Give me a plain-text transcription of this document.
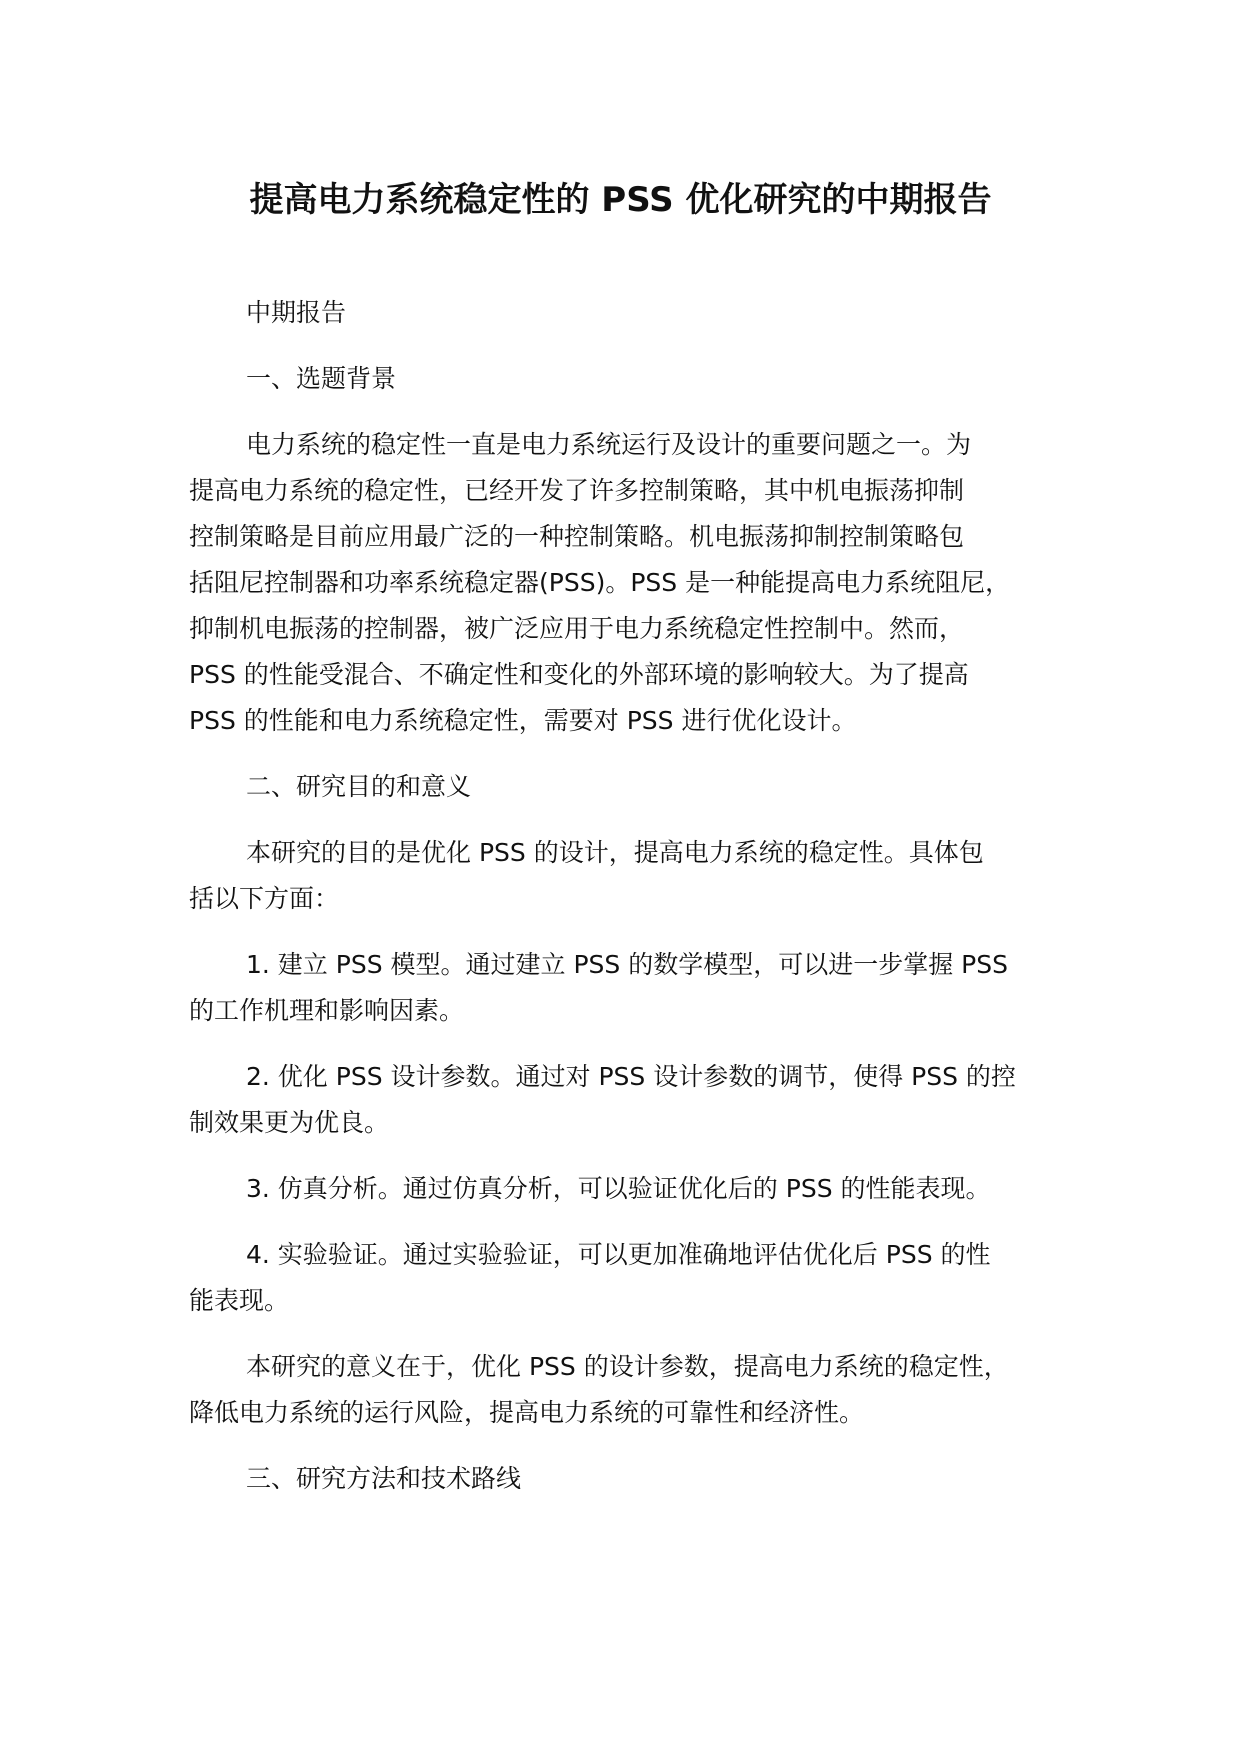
提高电力系统稳定性的 PSS 优化研究的中期报告
中期报告
一、选题背景
电力系统的稳定性一直是电力系统运行及设计的重要问题之一。为
提高电力系统的稳定性，已经开发了许多控制策略，其中机电振荡抑制
控制策略是目前应用最广泛的一种控制策略。机电振荡抑制控制策略包
括阻尼控制器和功率系统稳定器(PSS)。PSS 是一种能提高电力系统阻尼，
抑制机电振荡的控制器，被广泛应用于电力系统稳定性控制中。然而，
PSS 的性能受混合、不确定性和变化的外部环境的影响较大。为了提高
PSS 的性能和电力系统稳定性，需要对 PSS 进行优化设计。
二、研究目的和意义
本研究的目的是优化 PSS 的设计，提高电力系统的稳定性。具体包
括以下方面：
1. 建立 PSS 模型。通过建立 PSS 的数学模型，可以进一步掌握 PSS
的工作机理和影响因素。
2. 优化 PSS 设计参数。通过对 PSS 设计参数的调节，使得 PSS 的控
制效果更为优良。
3. 仿真分析。通过仿真分析，可以验证优化后的 PSS 的性能表现。
4. 实验验证。通过实验验证，可以更加准确地评估优化后 PSS 的性
能表现。
本研究的意义在于，优化 PSS 的设计参数，提高电力系统的稳定性，
降低电力系统的运行风险，提高电力系统的可靠性和经济性。
三、研究方法和技术路线
